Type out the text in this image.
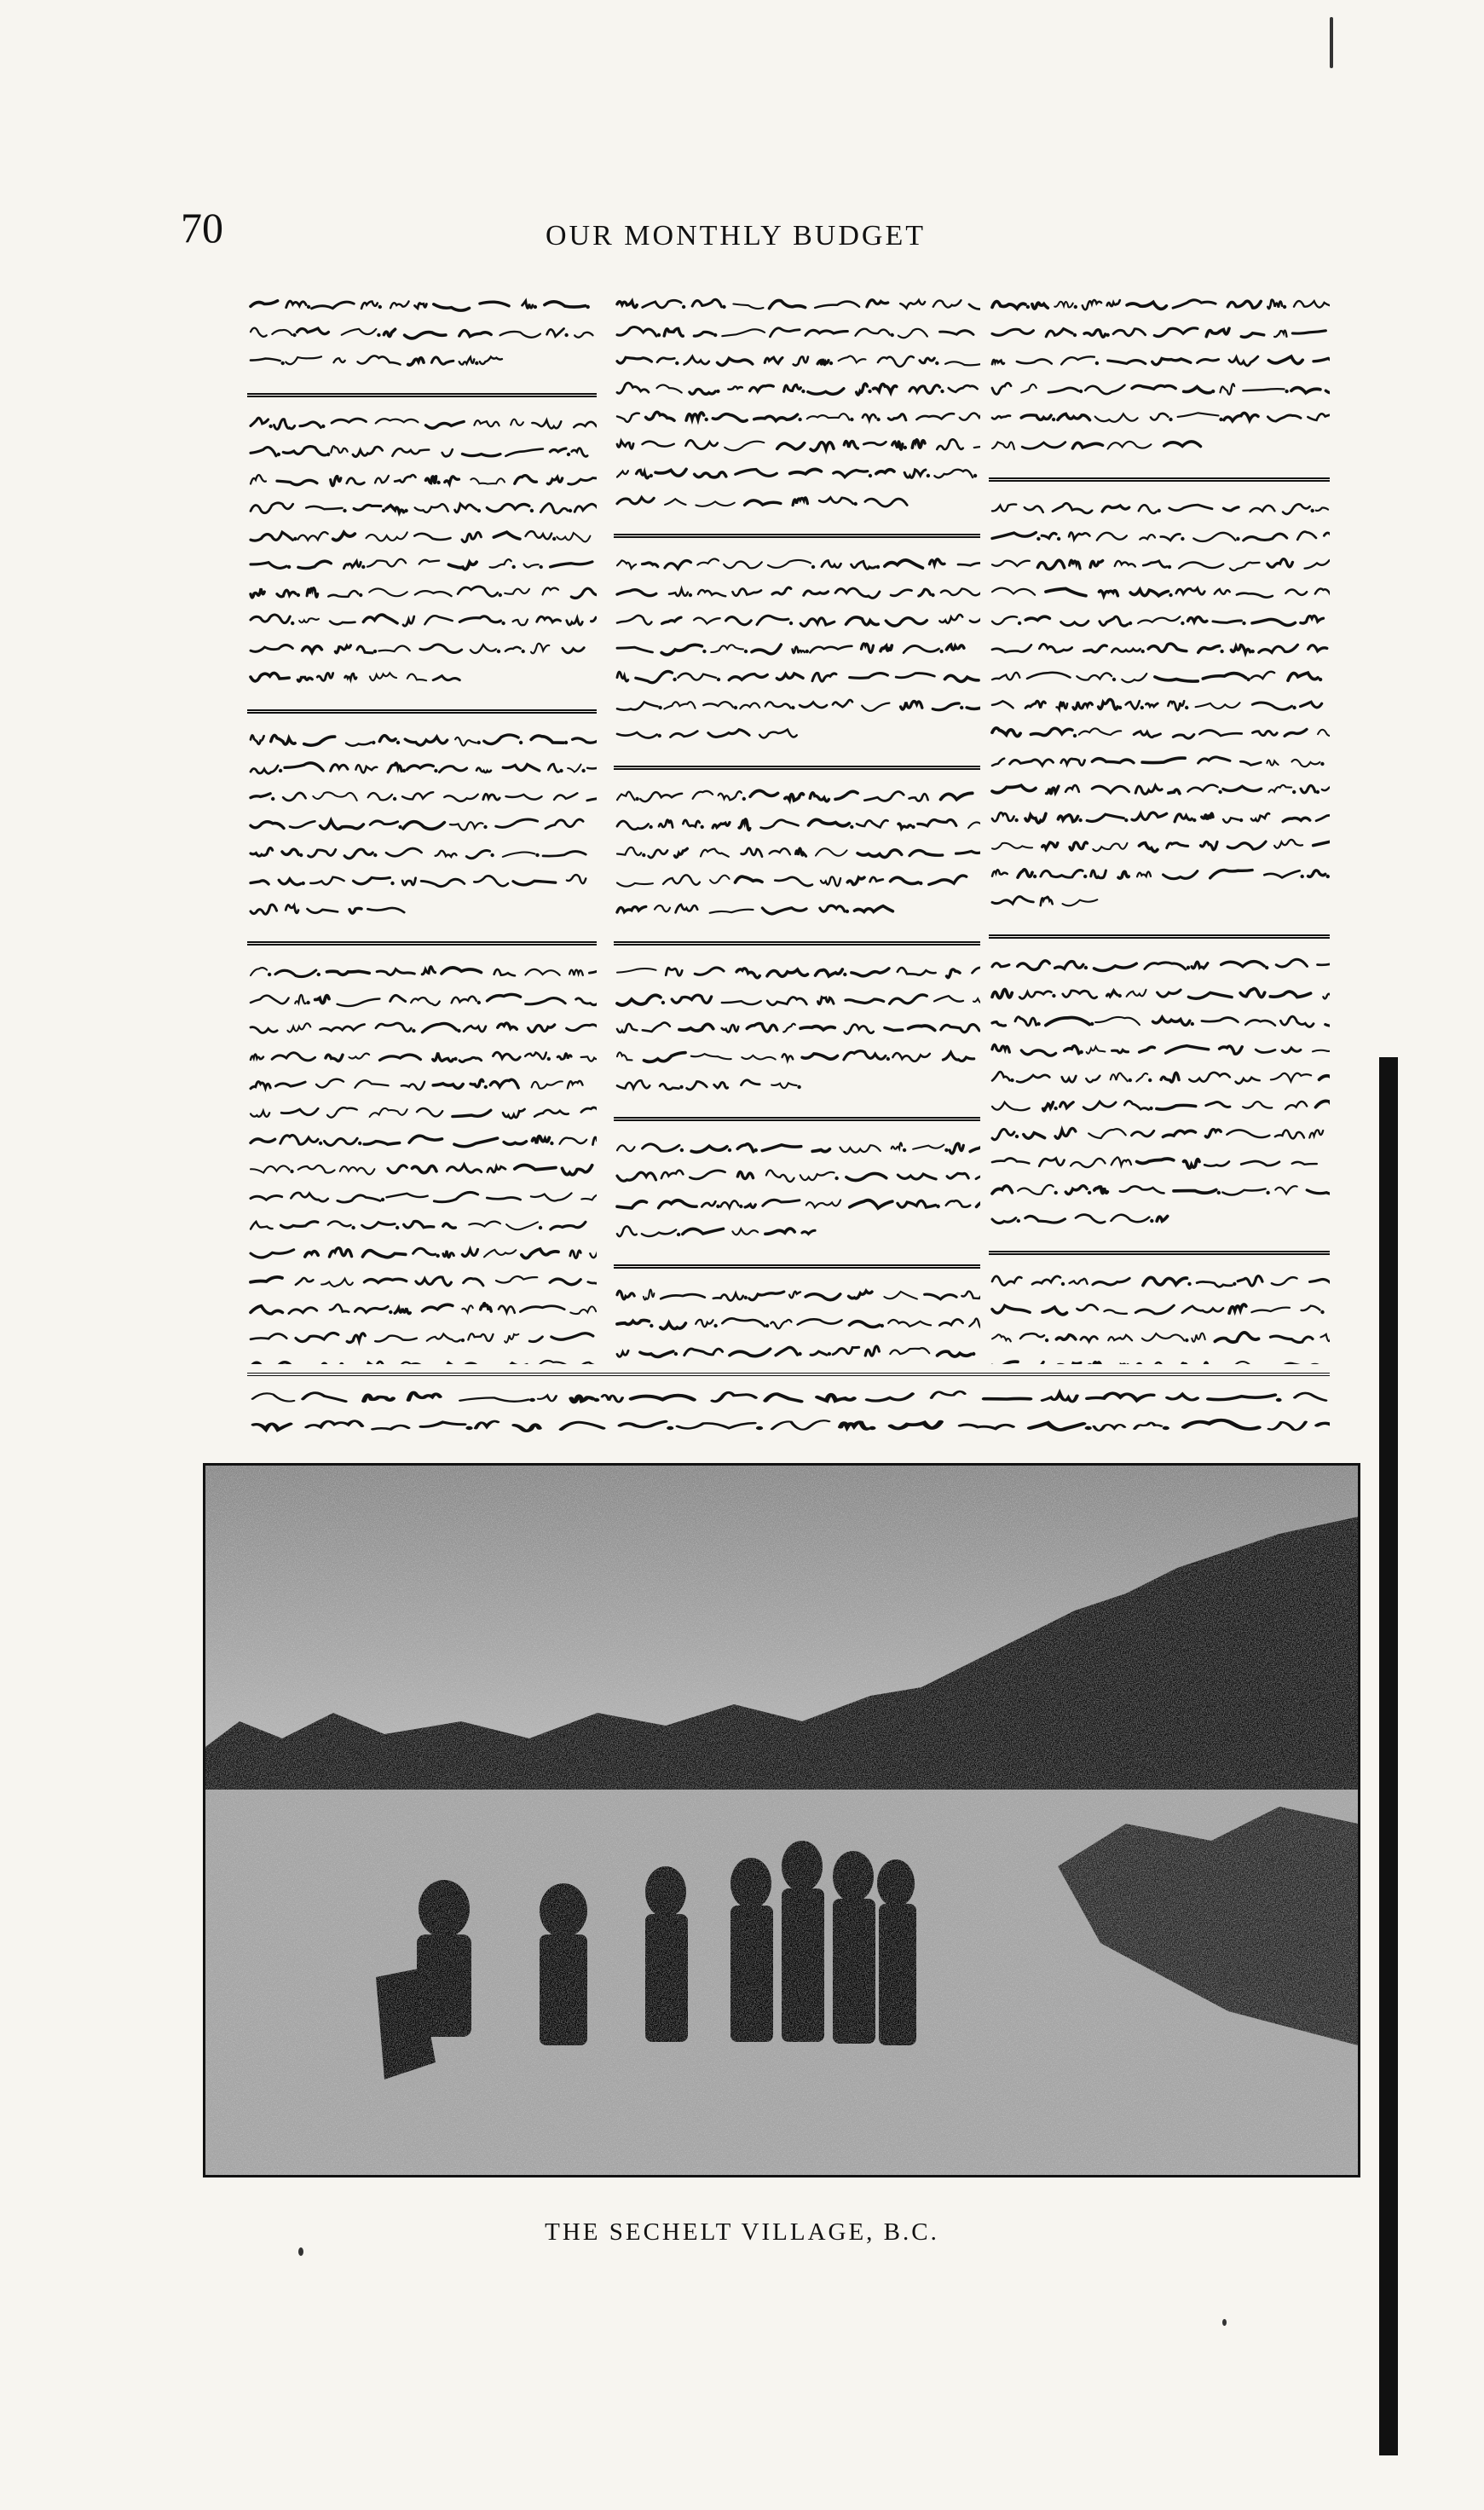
70	OUR MONTHLY BUDGET
THE SECHELT VILLAGE, B.C.
